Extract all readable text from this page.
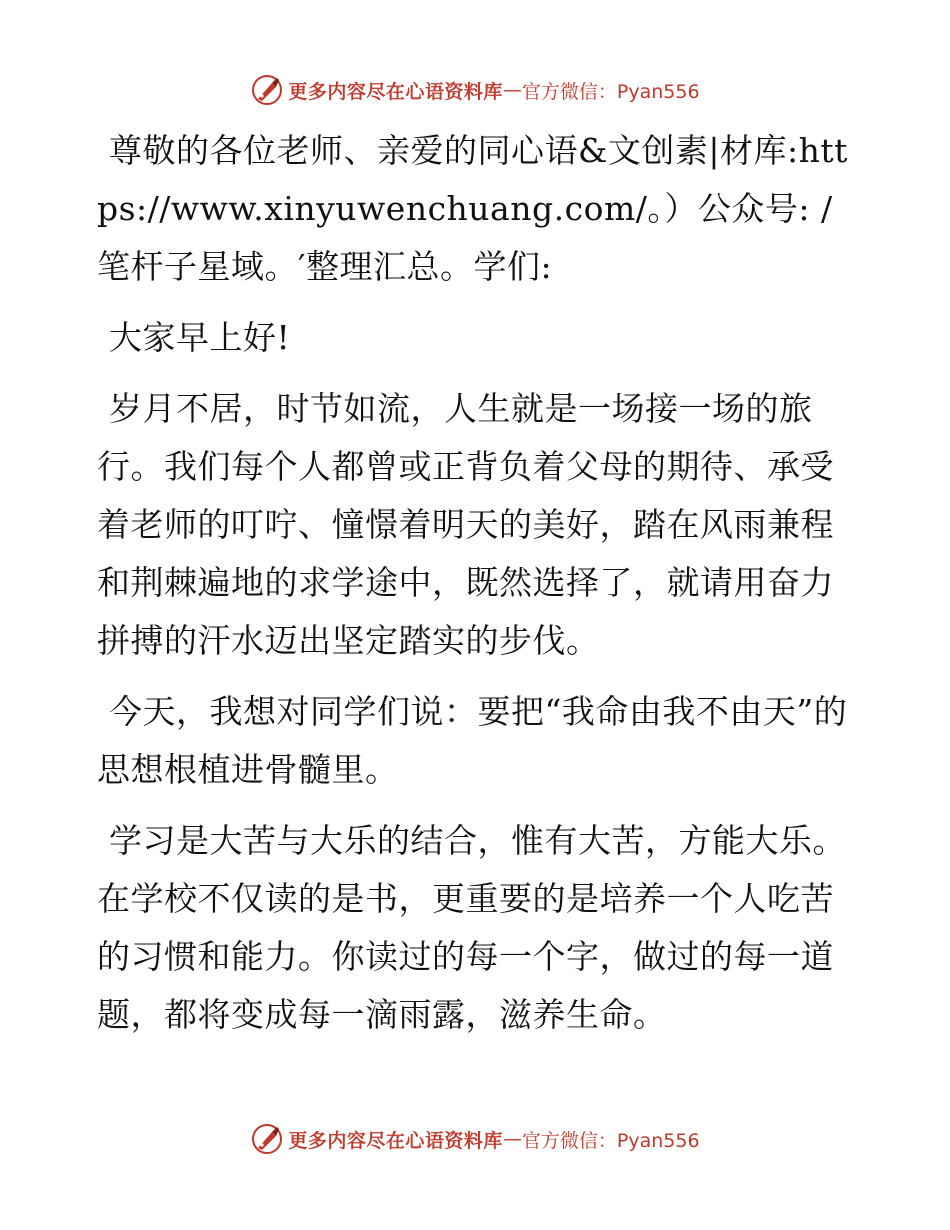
更多内容尽在心语资料库 — 官方微信：Pyan556

尊敬的各位老师、亲爱的同心语&文创素|材库:https://www.xinyuwenchuang.com/。）公众号: /笔杆子星域。′整理汇总。学们:

大家早上好!

岁月不居，时节如流，人生就是一场接一场的旅行。我们每个人都曾或正背负着父母的期待、承受着老师的叮咛、憧憬着明天的美好，踏在风雨兼程和荆棘遍地的求学途中，既然选择了，就请用奋力拼搏的汗水迈出坚定踏实的步伐。

今天，我想对同学们说：要把“我命由我不由天”的思想根植进骨髓里。

学习是大苦与大乐的结合，惟有大苦，方能大乐。在学校不仅读的是书，更重要的是培养一个人吃苦的习惯和能力。你读过的每一个字，做过的每一道题，都将变成每一滴雨露，滋养生命。

更多内容尽在心语资料库 — 官方微信：Pyan556
